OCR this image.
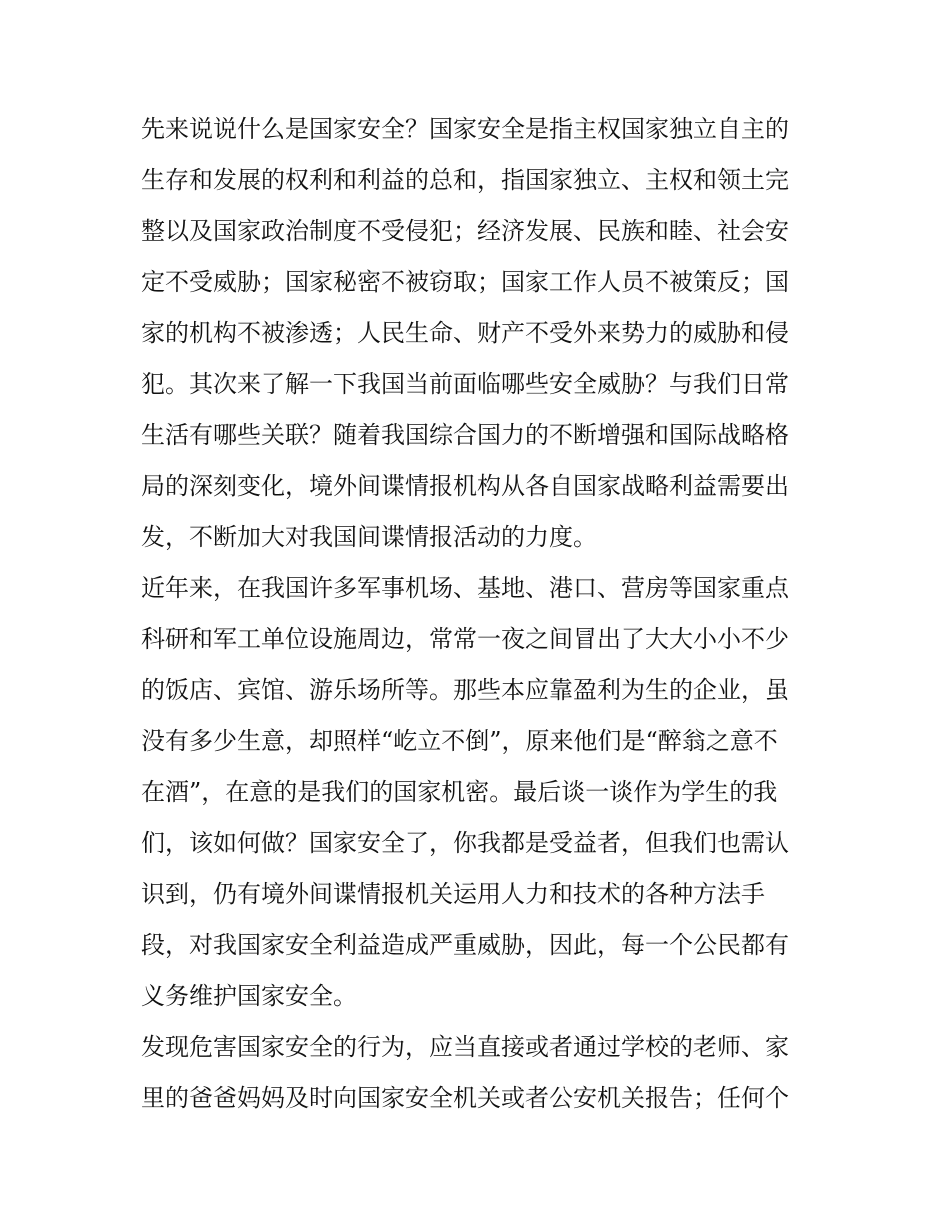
先来说说什么是国家安全？国家安全是指主权国家独立自主的
生存和发展的权利和利益的总和，指国家独立、主权和领土完
整以及国家政治制度不受侵犯；经济发展、民族和睦、社会安
定不受威胁；国家秘密不被窃取；国家工作人员不被策反；国
家的机构不被渗透；人民生命、财产不受外来势力的威胁和侵
犯。其次来了解一下我国当前面临哪些安全威胁？与我们日常
生活有哪些关联？随着我国综合国力的不断增强和国际战略格
局的深刻变化，境外间谍情报机构从各自国家战略利益需要出
发，不断加大对我国间谍情报活动的力度。
近年来，在我国许多军事机场、基地、港口、营房等国家重点
科研和军工单位设施周边，常常一夜之间冒出了大大小小不少
的饭店、宾馆、游乐场所等。那些本应靠盈利为生的企业，虽
没有多少生意，却照样“屹立不倒”，原来他们是“醉翁之意不
在酒”，在意的是我们的国家机密。最后谈一谈作为学生的我
们，该如何做？国家安全了，你我都是受益者，但我们也需认
识到，仍有境外间谍情报机关运用人力和技术的各种方法手
段，对我国家安全利益造成严重威胁，因此，每一个公民都有
义务维护国家安全。
发现危害国家安全的行为，应当直接或者通过学校的老师、家
里的爸爸妈妈及时向国家安全机关或者公安机关报告；任何个
